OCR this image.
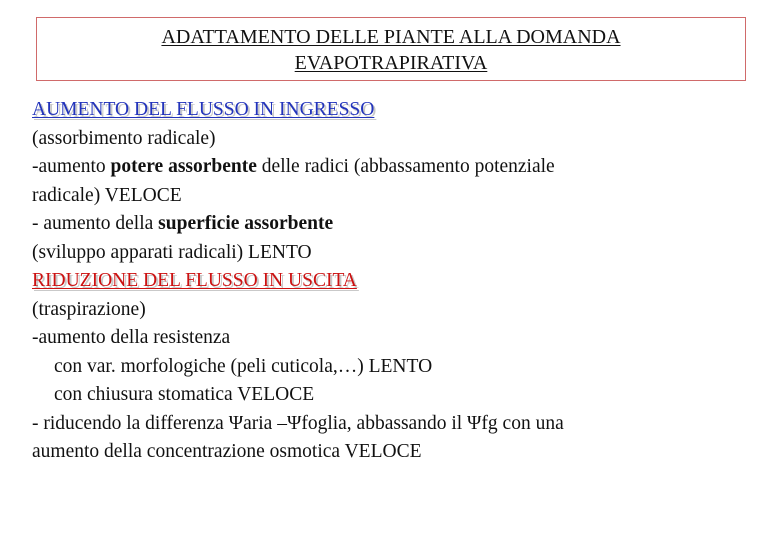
ADATTAMENTO DELLE PIANTE ALLA DOMANDA
EVAPOTRAPIRATIVA
AUMENTO DEL FLUSSO IN INGRESSO
(assorbimento radicale)
-aumento potere assorbente delle radici (abbassamento potenziale
radicale) VELOCE
- aumento della superficie assorbente
(sviluppo apparati radicali) LENTO
RIDUZIONE DEL FLUSSO IN USCITA
(traspirazione)
-aumento della resistenza
con var. morfologiche (peli cuticola,…) LENTO
con chiusura stomatica VELOCE
- riducendo la differenza Ψaria –Ψfoglia, abbassando il Ψfg con una
aumento della concentrazione osmotica VELOCE
